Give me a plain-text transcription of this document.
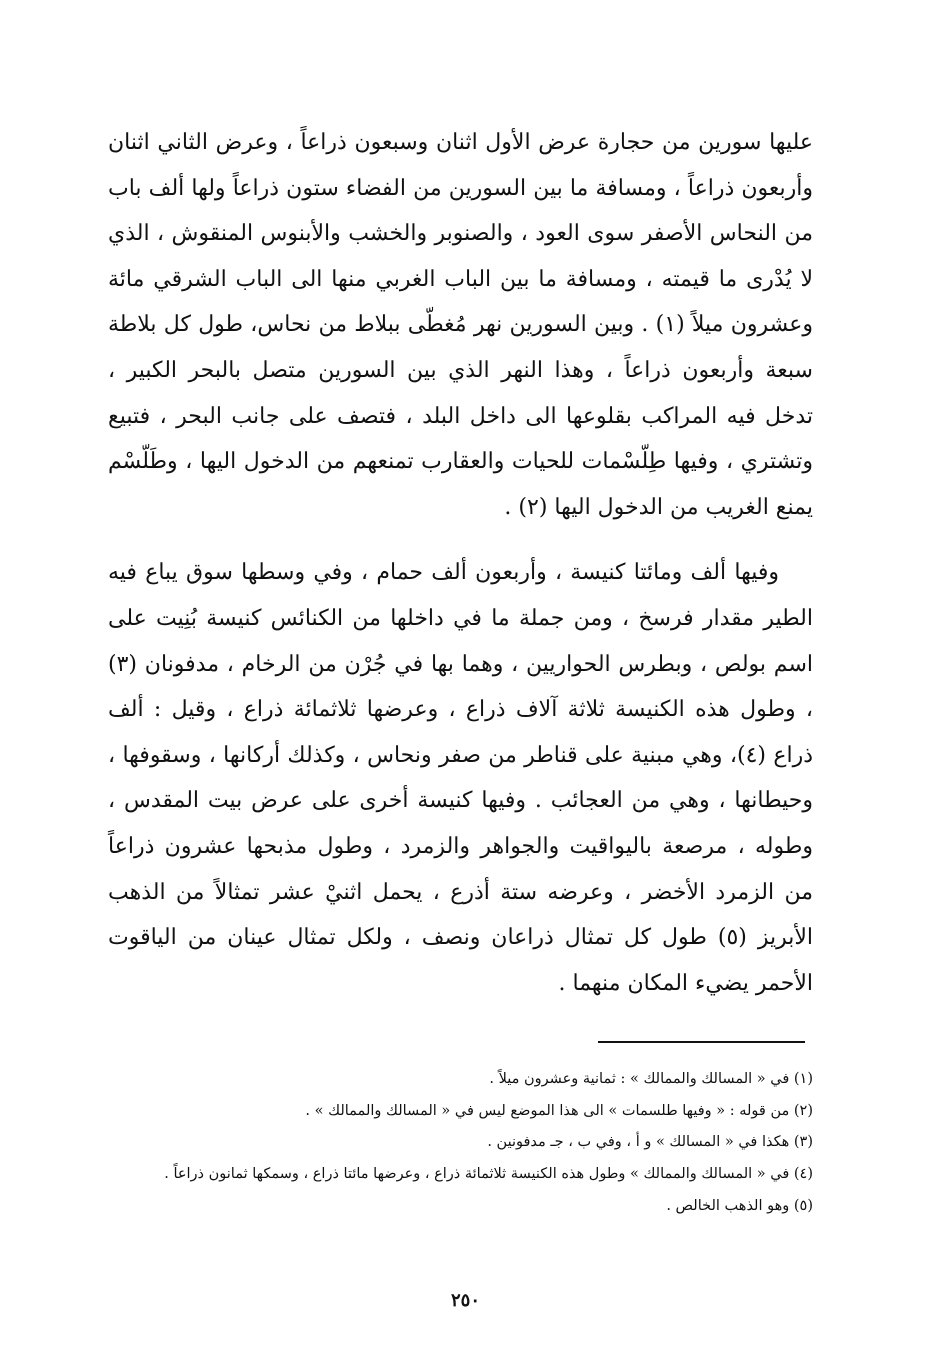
عليها سورين من حجارة عرض الأول اثنان وسبعون ذراعاً ، وعرض الثاني اثنان وأربعون ذراعاً ، ومسافة ما بين السورين من الفضاء ستون ذراعاً ولها ألف باب من النحاس الأصفر سوى العود ، والصنوبر والخشب والأبنوس المنقوش ، الذي لا يُدْرى ما قيمته ، ومسافة ما بين الباب الغربي منها الى الباب الشرقي مائة وعشرون ميلاً (١) . وبين السورين نهر مُغطّى ببلاط من نحاس، طول كل بلاطة سبعة وأربعون ذراعاً ، وهذا النهر الذي بين السورين متصل بالبحر الكبير ، تدخل فيه المراكب بقلوعها الى داخل البلد ، فتصف على جانب البحر ، فتبيع وتشتري ، وفيها طِلّسْمات للحيات والعقارب تمنعهم من الدخول اليها ، وطَلّسْم يمنع الغريب من الدخول اليها (٢) .

وفيها ألف ومائتا كنيسة ، وأربعون ألف حمام ، وفي وسطها سوق يباع فيه الطير مقدار فرسخ ، ومن جملة ما في داخلها من الكنائس كنيسة بُنِيت على اسم بولص ، وبطرس الحواريين ، وهما بها في جُرْن من الرخام ، مدفونان (٣) ، وطول هذه الكنيسة ثلاثة آلاف ذراع ، وعرضها ثلاثمائة ذراع ، وقيل : ألف ذراع (٤)، وهي مبنية على قناطر من صفر ونحاس ، وكذلك أركانها ، وسقوفها ، وحيطانها ، وهي من العجائب . وفيها كنيسة أخرى على عرض بيت المقدس ، وطوله ، مرصعة باليواقيت والجواهر والزمرد ، وطول مذبحها عشرون ذراعاً من الزمرد الأخضر ، وعرضه ستة أذرع ، يحمل اثنيْ عشر تمثالاً من الذهب الأبريز (٥) طول كل تمثال ذراعان ونصف ، ولكل تمثال عينان من الياقوت الأحمر يضيء المكان منهما .

(١) في « المسالك والممالك » : ثمانية وعشرون ميلاً .

(٢) من قوله : « وفيها طلسمات » الى هذا الموضع ليس في « المسالك والممالك » .

(٣) هكذا في « المسالك » و أ ، وفي ب ، جـ مدفونين .

(٤) في « المسالك والممالك » وطول هذه الكنيسة ثلاثمائة ذراع ، وعرضها مائتا ذراع ، وسمكها ثمانون ذراعاً .

(٥) وهو الذهب الخالص .

٢٥٠
